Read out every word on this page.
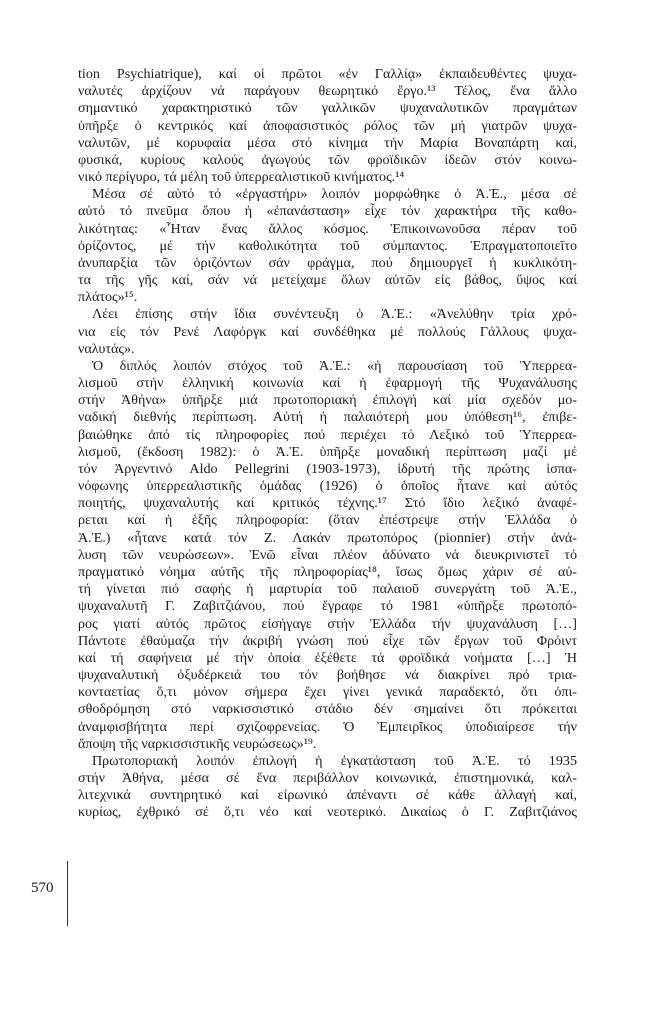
tion Psychiatrique), καί οἱ πρῶτοι «ἐν Γαλλίᾳ» ἐκπαιδευθέντες ψυχα-
ναλυτές ἀρχίζουν νά παράγουν θεωρητικό ἔργο.¹³ Τέλος, ἕνα ἄλλο
σημαντικό χαρακτηριστικό τῶν γαλλικῶν ψυχαναλυτικῶν πραγμάτων
ὑπῆρξε ὁ κεντρικός καί ἀποφασιστικός ρόλος τῶν μή γιατρῶν ψυχα-
ναλυτῶν, μέ κορυφαία μέσα στό κίνημα τήν Μαρία Βοναπάρτη καί,
φυσικά, κυρίους καλούς ἀγωγούς τῶν φροϊδικῶν ἰδεῶν στόν κοινω-
νικό περίγυρο, τά μέλη τοῦ ὑπερρεαλιστικοῦ κινήματος.¹⁴
Μέσα σέ αὐτό τό «ἐργαστήρι» λοιπόν μορφώθηκε ὁ Ἀ.Ἐ., μέσα σέ
αὐτό τό πνεῦμα ὅπου ἡ «ἐπανάσταση» εἶχε τόν χαρακτήρα τῆς καθο-
λικότητας: «Ἦταν ἕνας ἄλλος κόσμος. Ἐπικοινωνοῦσα πέραν τοῦ
ὁρίζοντος, μέ τήν καθολικότητα τοῦ σύμπαντος. Ἐπραγματοποιεῖτο
ἀνυπαρξία τῶν ὁριζόντων σάν φράγμα, πού δημιουργεῖ ἡ κυκλικότη-
τα τῆς γῆς καί, σάν νά μετείχαμε ὅλων αὐτῶν εἰς βάθος, ὕψος καί
πλάτος»¹⁵.
Λέει ἐπίσης στήν ἴδια συνέντευξη ὁ Ἀ.Ἐ.: «Ἀνελύθην τρία χρό-
νια εἰς τόν Ρενέ Λαφόργκ καί συνδέθηκα μέ πολλούς Γάλλους ψυχα-
ναλυτάς».
Ὁ διπλός λοιπόν στόχος τοῦ Ἀ.Ἐ.: «ἡ παρουσίαση τοῦ Ὑπερρεα-
λισμοῦ στήν ἑλληνική κοινωνία καί ἡ ἐφαρμογή τῆς Ψυχανάλυσης
στήν Ἀθήνα» ὑπῆρξε μιά πρωτοποριακή ἐπιλογή καί μία σχεδόν μο-
ναδική διεθνής περίπτωση. Αὐτή ἡ παλαιότερή μου ὑπόθεση¹⁶, ἐπιβε-
βαιώθηκε ἀπό τίς πληροφορίες πού περιέχει τό Λεξικό τοῦ Ὑπερρεα-
λισμοῦ, (ἔκδοση 1982): ὁ Ἀ.Ἐ. ὑπῆρξε μοναδική περίπτωση μαζί μέ
τόν Ἀργεντινό Aldo Pellegrini (1903-1973), ἱδρυτή τῆς πρώτης ἱσπα-
νόφωνης ὑπερρεαλιστικῆς ὁμάδας (1926) ὁ ὁποῖος ἦτανε καί αὐτός
ποιητής, ψυχαναλυτής καί κριτικός τέχνης.¹⁷ Στό ἴδιο λεξικό ἀναφέ-
ρεται καί ἡ ἑξῆς πληροφορία: (ὅταν ἐπέστρεψε στήν Ἑλλάδα ὁ
Ἀ.Ἐ.) «ἦτανε κατά τόν Ζ. Λακάν πρωτοπόρος (pionnier) στήν ἀνά-
λυση τῶν νευρώσεων». Ἐνῶ εἶναι πλέον ἀδύνατο νά διευκρινιστεῖ τό
πραγματικό νόημα αὐτῆς τῆς πληροφορίας¹⁸, ἴσως ὅμως χάριν σέ αὐ-
τή γίνεται πιό σαφής ἡ μαρτυρία τοῦ παλαιοῦ συνεργάτη τοῦ Ἀ.Ἐ.,
ψυχαναλυτῆ Γ. Ζαβιτζιάνου, πού ἔγραφε τό 1981 «ὑπῆρξε πρωτοπό-
ρος γιατί αὐτός πρῶτος εἰσήγαγε στήν Ἑλλάδα τήν ψυχανάλυση […]
Πάντοτε ἐθαύμαζα τήν ἀκριβή γνώση πού εἶχε τῶν ἔργων τοῦ Φρόιντ
καί τή σαφήνεια μέ τήν ὁποία ἐξέθετε τά φροϊδικά νοήματα […] Ἡ
ψυχαναλυτική ὀξυδέρκειά του τόν βοήθησε νά διακρίνει πρό τρια-
κονταετίας ὅ,τι μόνον σήμερα ἔχει γίνει γενικά παραδεκτό, ὅτι ὀπι-
σθοδρόμηση στό ναρκισσιστικό στάδιο δέν σημαίνει ὅτι πρόκειται
ἀναμφισβήτητα περί σχιζοφρενείας. Ὁ Ἐμπειρῖκος ὑποδιαίρεσε τήν
ἄποψη τῆς ναρκισσιστικῆς νευρώσεως»¹⁹.
Πρωτοποριακή λοιπόν ἐπιλογή ἡ ἐγκατάσταση τοῦ Ἀ.Ἐ. τό 1935
στήν Ἀθήνα, μέσα σέ ἕνα περιβάλλον κοινωνικά, ἐπιστημονικά, καλ-
λιτεχνικά συντηρητικό καί εἰρωνικό ἀπέναντι σέ κάθε ἀλλαγή καί,
κυρίως, ἐχθρικό σέ ὅ,τι νέο καί νεοτερικό. Δικαίως ὁ Γ. Ζαβιτζιάνος
570
